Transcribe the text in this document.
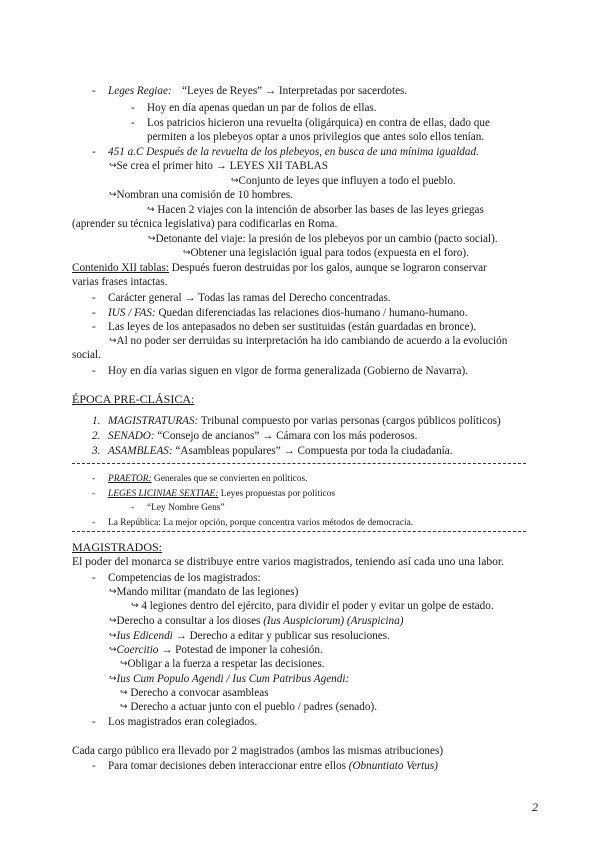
- Leges Regiae: “Leyes de Reyes” → Interpretadas por sacerdotes.
- Hoy en día apenas quedan un par de folios de ellas.
- Los patricios hicieron una revuelta (oligárquica) en contra de ellas, dado que
permiten a los plebeyos optar a unos privilegios que antes solo ellos tenían.
- 451 a.C Después de la revuelta de los plebeyos, en busca de una mínima igualdad.
↪Se crea el primer hito → LEYES XII TABLAS
↪Conjunto de leyes que influyen a todo el pueblo.
↪Nombran una comisión de 10 hombres.
↪ Hacen 2 viajes con la intención de absorber las bases de las leyes griegas
(aprender su técnica legislativa) para codificarlas en Roma.
↪Detonante del viaje: la presión de los plebeyos por un cambio (pacto social).
↪Obtener una legislación igual para todos (expuesta en el foro).
Contenido XII tablas: Después fueron destruidas por los galos, aunque se lograron conservar
varias frases intactas.
- Carácter general → Todas las ramas del Derecho concentradas.
- IUS / FAS: Quedan diferenciadas las relaciones dios-humano / humano-humano.
- Las leyes de los antepasados no deben ser sustituidas (están guardadas en bronce).
↪Al no poder ser derruidas su interpretación ha ido cambiando de acuerdo a la evolución
social.
- Hoy en día varias siguen en vigor de forma generalizada (Gobierno de Navarra).
ÉPOCA PRE-CLÁSICA:
1. MAGISTRATURAS: Tribunal compuesto por varias personas (cargos públicos políticos)
2. SENADO: “Consejo de ancianos” → Cámara con los más poderosos.
3. ASAMBLEAS: “Asambleas populares” → Compuesta por toda la ciudadanía.
- PRAETOR: Generales que se convierten en políticos.
- LEGES LICINIAE SEXTIAE: Leyes propuestas por políticos
- “Ley Nombre Gens”
- La República: La mejor opción, porque concentra varios métodos de democracia.
MAGISTRADOS:
El poder del monarca se distribuye entre varios magistrados, teniendo así cada uno una labor.
- Competencias de los magistrados:
↪Mando militar (mandato de las legiones)
↪ 4 legiones dentro del ejército, para dividir el poder y evitar un golpe de estado.
↪Derecho a consultar a los dioses (Ius Auspiciorum) (Aruspicina)
↪Ius Edicendi → Derecho a editar y publicar sus resoluciones.
↪Coercitio → Potestad de imponer la cohesión.
↪Obligar a la fuerza a respetar las decisiones.
↪Ius Cum Populo Agendi / Ius Cum Patribus Agendi:
↪ Derecho a convocar asambleas
↪ Derecho a actuar junto con el pueblo / padres (senado).
- Los magistrados eran colegiados.
Cada cargo público era llevado por 2 magistrados (ambos las mismas atribuciones)
- Para tomar decisiones deben interaccionar entre ellos (Obnuntiato Vertus)
2
